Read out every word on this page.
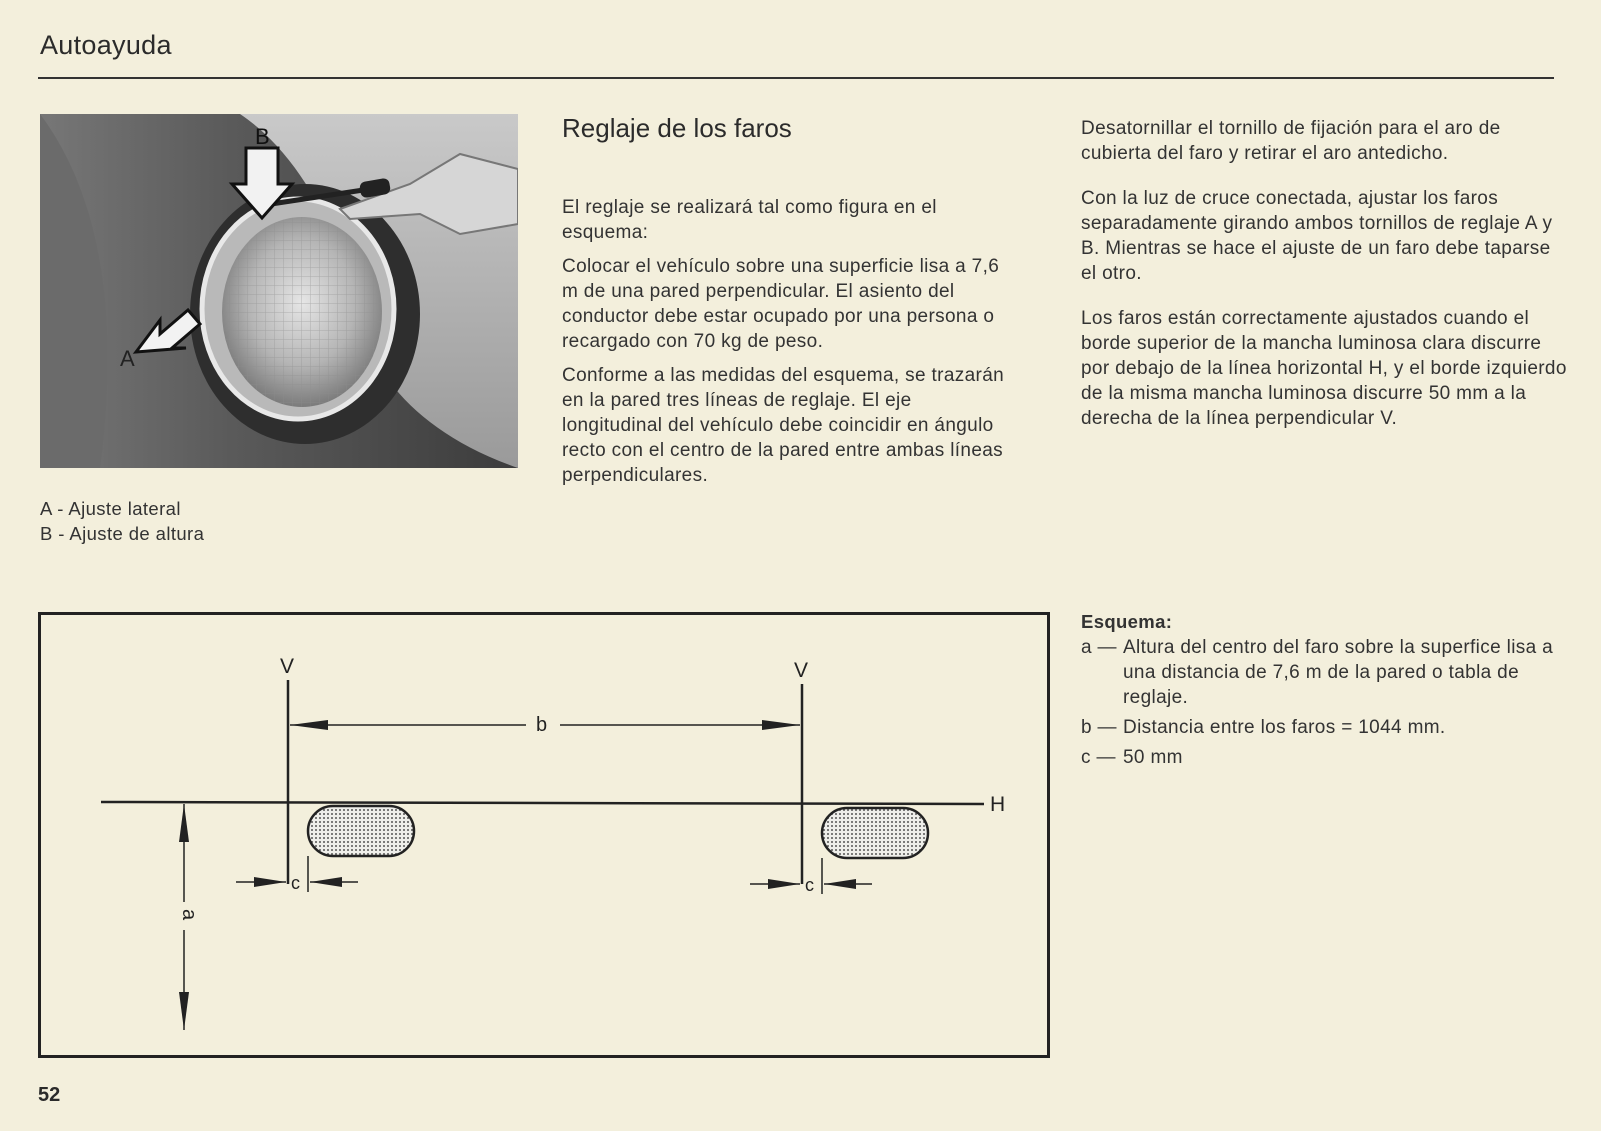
Autoayuda
B
A
A - Ajuste lateral
B - Ajuste de altura
Reglaje de los faros

El reglaje se realizará tal como figura en el esquema:

Colocar el vehículo sobre una superficie lisa a 7,6 m de una pared perpendicular. El asiento del conductor debe estar ocupado por una persona o recargado con 70 kg de peso.

Conforme a las medidas del esquema, se trazarán en la pared tres líneas de reglaje. El eje longitudinal del vehículo debe coincidir en ángulo recto con el centro de la pared entre ambas líneas perpendiculares.

Desatornillar el tornillo de fijación para el aro de cubierta del faro y retirar el aro antedicho.

Con la luz de cruce conectada, ajustar los faros separadamente girando ambos tornillos de reglaje A y B. Mientras se hace el ajuste de un faro debe taparse el otro.

Los faros están correctamente ajustados cuando el borde superior de la mancha luminosa clara discurre por debajo de la línea horizontal H, y el borde izquierdo de la misma mancha luminosa discurre 50 mm a la derecha de la línea perpendicular V.

V	V
b
H
c	c
a
Esquema:
a — Altura del centro del faro sobre la superfice lisa a una distancia de 7,6 m de la pared o tabla de reglaje.
b — Distancia entre los faros = 1044 mm.
c — 50 mm
52
